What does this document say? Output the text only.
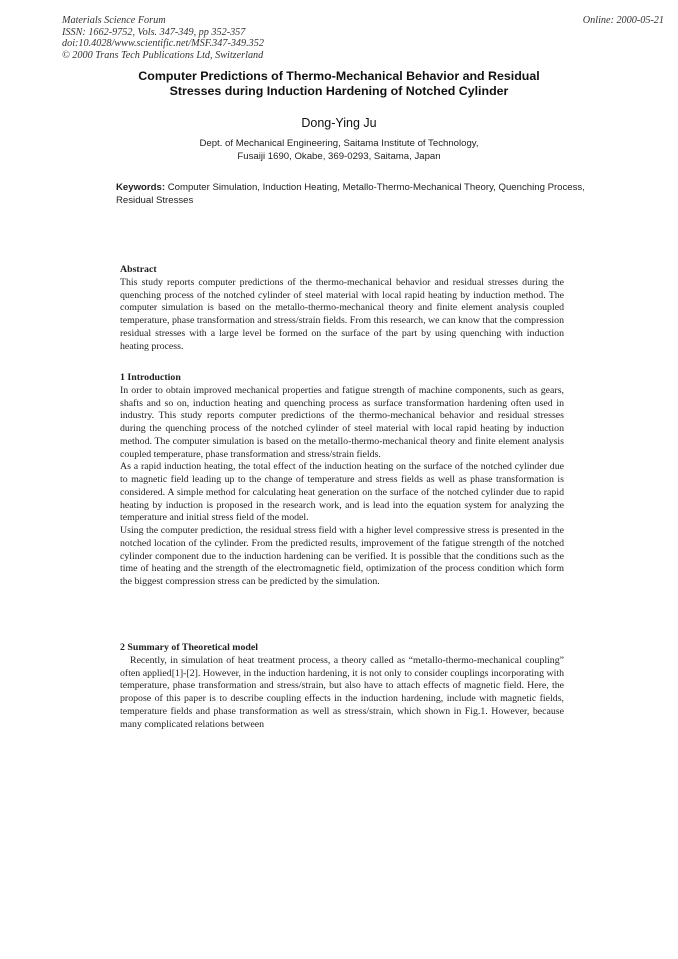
Materials Science Forum
ISSN: 1662-9752, Vols. 347-349, pp 352-357
doi:10.4028/www.scientific.net/MSF.347-349.352
© 2000 Trans Tech Publications Ltd, Switzerland
Online: 2000-05-21
Computer Predictions of Thermo-Mechanical Behavior and Residual
Stresses during Induction Hardening of Notched Cylinder
Dong-Ying Ju
Dept. of Mechanical Engineering, Saitama Institute of Technology,
Fusaiji 1690, Okabe, 369-0293, Saitama, Japan
Keywords: Computer Simulation, Induction Heating, Metallo-Thermo-Mechanical Theory, Quenching Process, Residual Stresses
Abstract

This study reports computer predictions of the thermo-mechanical behavior and residual stresses during the quenching process of the notched cylinder of steel material with local rapid heating by induction method. The computer simulation is based on the metallo-thermo-mechanical theory and finite element analysis coupled temperature, phase transformation and stress/strain fields. From this research, we can know that the compression residual stresses with a large level be formed on the surface of the part by using quenching with induction heating process.

1 Introduction

In order to obtain improved mechanical properties and fatigue strength of machine components, such as gears, shafts and so on, induction heating and quenching process as surface transformation hardening often used in industry. This study reports computer predictions of the thermo-mechanical behavior and residual stresses during the quenching process of the notched cylinder of steel material with local rapid heating by induction method. The computer simulation is based on the metallo-thermo-mechanical theory and finite element analysis coupled temperature, phase transformation and stress/strain fields.

As a rapid induction heating, the total effect of the induction heating on the surface of the notched cylinder due to magnetic field leading up to the change of temperature and stress fields as well as phase transformation is considered. A simple method for calculating heat generation on the surface of the notched cylinder due to rapid heating by induction is proposed in the research work, and is lead into the equation system for analyzing the temperature and initial stress field of the model.

Using the computer prediction, the residual stress field with a higher level compressive stress is presented in the notched location of the cylinder. From the predicted results, improvement of the fatigue strength of the notched cylinder component due to the induction hardening can be verified. It is possible that the conditions such as the time of heating and the strength of the electromagnetic field, optimization of the process condition which form the biggest compression stress can be predicted by the simulation.

2 Summary of Theoretical model

Recently, in simulation of heat treatment process, a theory called as “metallo-thermo-mechanical coupling” often applied[1]-[2]. However, in the induction hardening, it is not only to consider couplings incorporating with temperature, phase transformation and stress/strain, but also have to attach effects of magnetic field. Here, the propose of this paper is to describe coupling effects in the induction hardening, include with magnetic fields, temperature fields and phase transformation as well as stress/strain, which shown in Fig.1. However, because many complicated relations between
